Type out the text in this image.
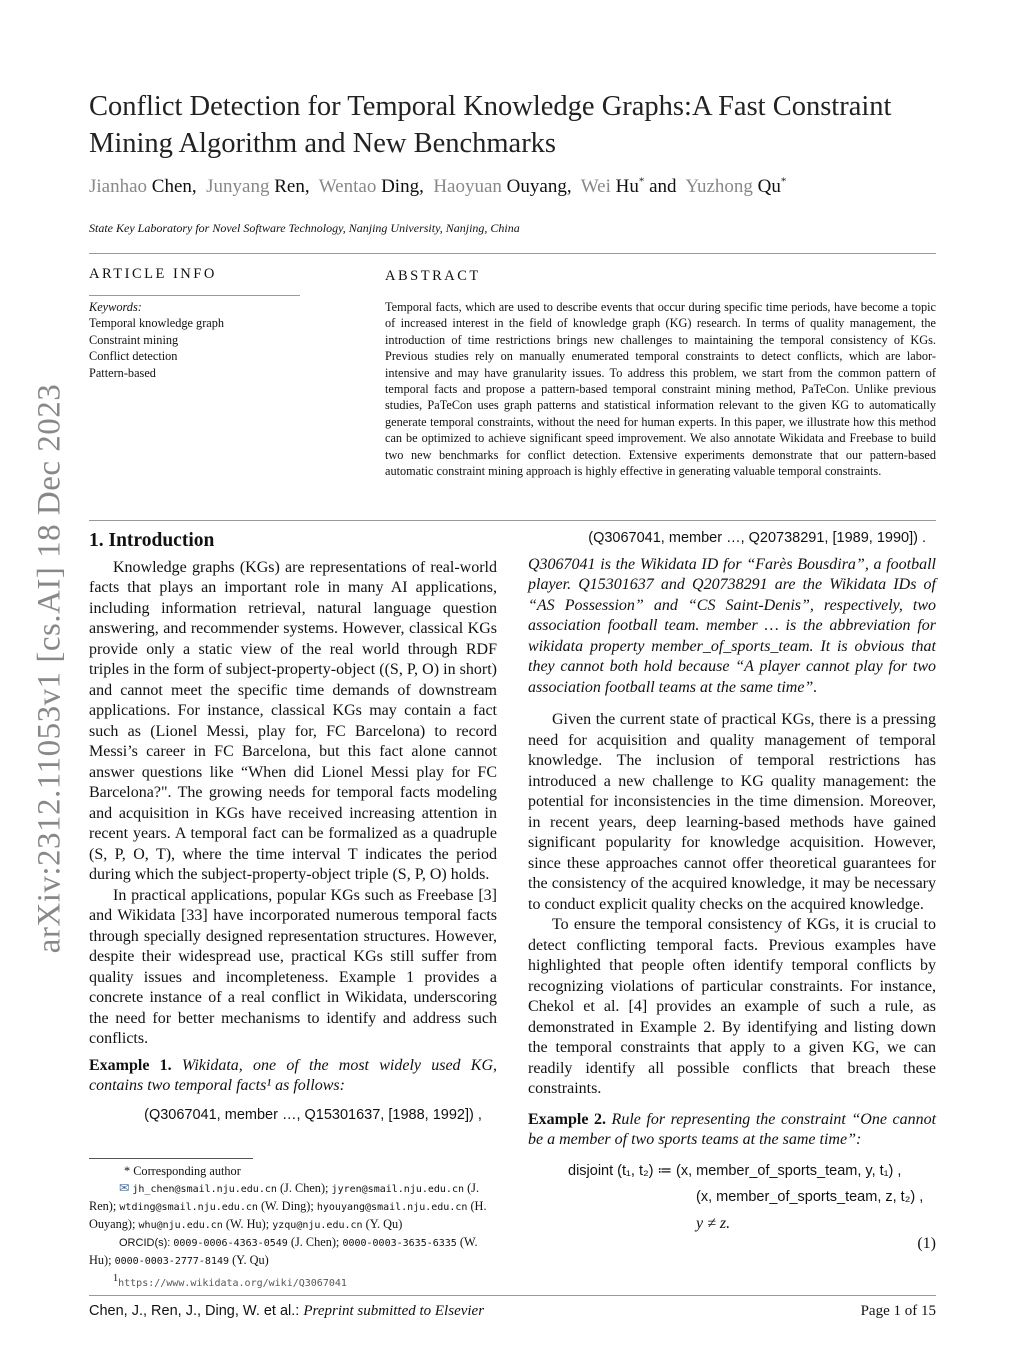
arXiv:2312.11053v1 [cs.AI] 18 Dec 2023
Conflict Detection for Temporal Knowledge Graphs:A Fast Constraint Mining Algorithm and New Benchmarks
Jianhao Chen,  Junyang Ren,  Wentao Ding,  Haoyuan Ouyang,  Wei Hu* and  Yuzhong Qu*
State Key Laboratory for Novel Software Technology, Nanjing University, Nanjing, China
ARTICLE INFO
Keywords:
Temporal knowledge graph
Constraint mining
Conflict detection
Pattern-based
ABSTRACT
Temporal facts, which are used to describe events that occur during specific time periods, have become a topic of increased interest in the field of knowledge graph (KG) research. In terms of quality management, the introduction of time restrictions brings new challenges to maintaining the temporal consistency of KGs. Previous studies rely on manually enumerated temporal constraints to detect conflicts, which are labor-intensive and may have granularity issues. To address this problem, we start from the common pattern of temporal facts and propose a pattern-based temporal constraint mining method, PaTeCon. Unlike previous studies, PaTeCon uses graph patterns and statistical information relevant to the given KG to automatically generate temporal constraints, without the need for human experts. In this paper, we illustrate how this method can be optimized to achieve significant speed improvement. We also annotate Wikidata and Freebase to build two new benchmarks for conflict detection. Extensive experiments demonstrate that our pattern-based automatic constraint mining approach is highly effective in generating valuable temporal constraints.
1. Introduction

Knowledge graphs (KGs) are representations of real-world facts that plays an important role in many AI applications, including information retrieval, natural language question answering, and recommender systems. However, classical KGs provide only a static view of the real world through RDF triples in the form of subject-property-object ((S, P, O) in short) and cannot meet the specific time demands of downstream applications. For instance, classical KGs may contain a fact such as (Lionel Messi, play for, FC Barcelona) to record Messi’s career in FC Barcelona, but this fact alone cannot answer questions like “When did Lionel Messi play for FC Barcelona?". The growing needs for temporal facts modeling and acquisition in KGs have received increasing attention in recent years. A temporal fact can be formalized as a quadruple (S, P, O, T), where the time interval T indicates the period during which the subject-property-object triple (S, P, O) holds.

In practical applications, popular KGs such as Freebase [3] and Wikidata [33] have incorporated numerous temporal facts through specially designed representation structures. However, despite their widespread use, practical KGs still suffer from quality issues and incompleteness. Example 1 provides a concrete instance of a real conflict in Wikidata, underscoring the need for better mechanisms to identify and address such conflicts.

Example 1. Wikidata, one of the most widely used KG, contains two temporal facts¹ as follows:

(Q3067041, member …, Q15301637, [1988, 1992]) ,
* Corresponding author
✉ jh_chen@smail.nju.edu.cn (J. Chen); jyren@smail.nju.edu.cn (J. Ren); wtding@smail.nju.edu.cn (W. Ding); hyouyang@smail.nju.edu.cn (H. Ouyang); whu@nju.edu.cn (W. Hu); yzqu@nju.edu.cn (Y. Qu)
ORCID(s): 0009-0006-4363-0549 (J. Chen); 0000-0003-3635-6335 (W. Hu); 0000-0003-2777-8149 (Y. Qu)
$^1$https://www.wikidata.org/wiki/Q3067041
(Q3067041, member …, Q20738291, [1989, 1990]) .

Q3067041 is the Wikidata ID for “Farès Bousdira”, a football player. Q15301637 and Q20738291 are the Wikidata IDs of “AS Possession” and “CS Saint-Denis”, respectively, two association football team. member … is the abbreviation for wikidata property member_of_sports_team. It is obvious that they cannot both hold because “A player cannot play for two association football teams at the same time”.

Given the current state of practical KGs, there is a pressing need for acquisition and quality management of temporal knowledge. The inclusion of temporal restrictions has introduced a new challenge to KG quality management: the potential for inconsistencies in the time dimension. Moreover, in recent years, deep learning-based methods have gained significant popularity for knowledge acquisition. However, since these approaches cannot offer theoretical guarantees for the consistency of the acquired knowledge, it may be necessary to conduct explicit quality checks on the acquired knowledge.

To ensure the temporal consistency of KGs, it is crucial to detect conflicting temporal facts. Previous examples have highlighted that people often identify temporal conflicts by recognizing violations of particular constraints. For instance, Chekol et al. [4] provides an example of such a rule, as demonstrated in Example 2. By identifying and listing down the temporal constraints that apply to a given KG, we can readily identify all possible conflicts that breach these constraints.

Example 2. Rule for representing the constraint “One cannot be a member of two sports teams at the same time”:

disjoint (t₁, t₂) ≔ (x, member_of_sports_team, y, t₁) ,
(x, member_of_sports_team, z, t₂) ,
y ≠ z.
(1)
Chen, J., Ren, J., Ding, W. et al.: Preprint submitted to Elsevier	Page 1 of 15
